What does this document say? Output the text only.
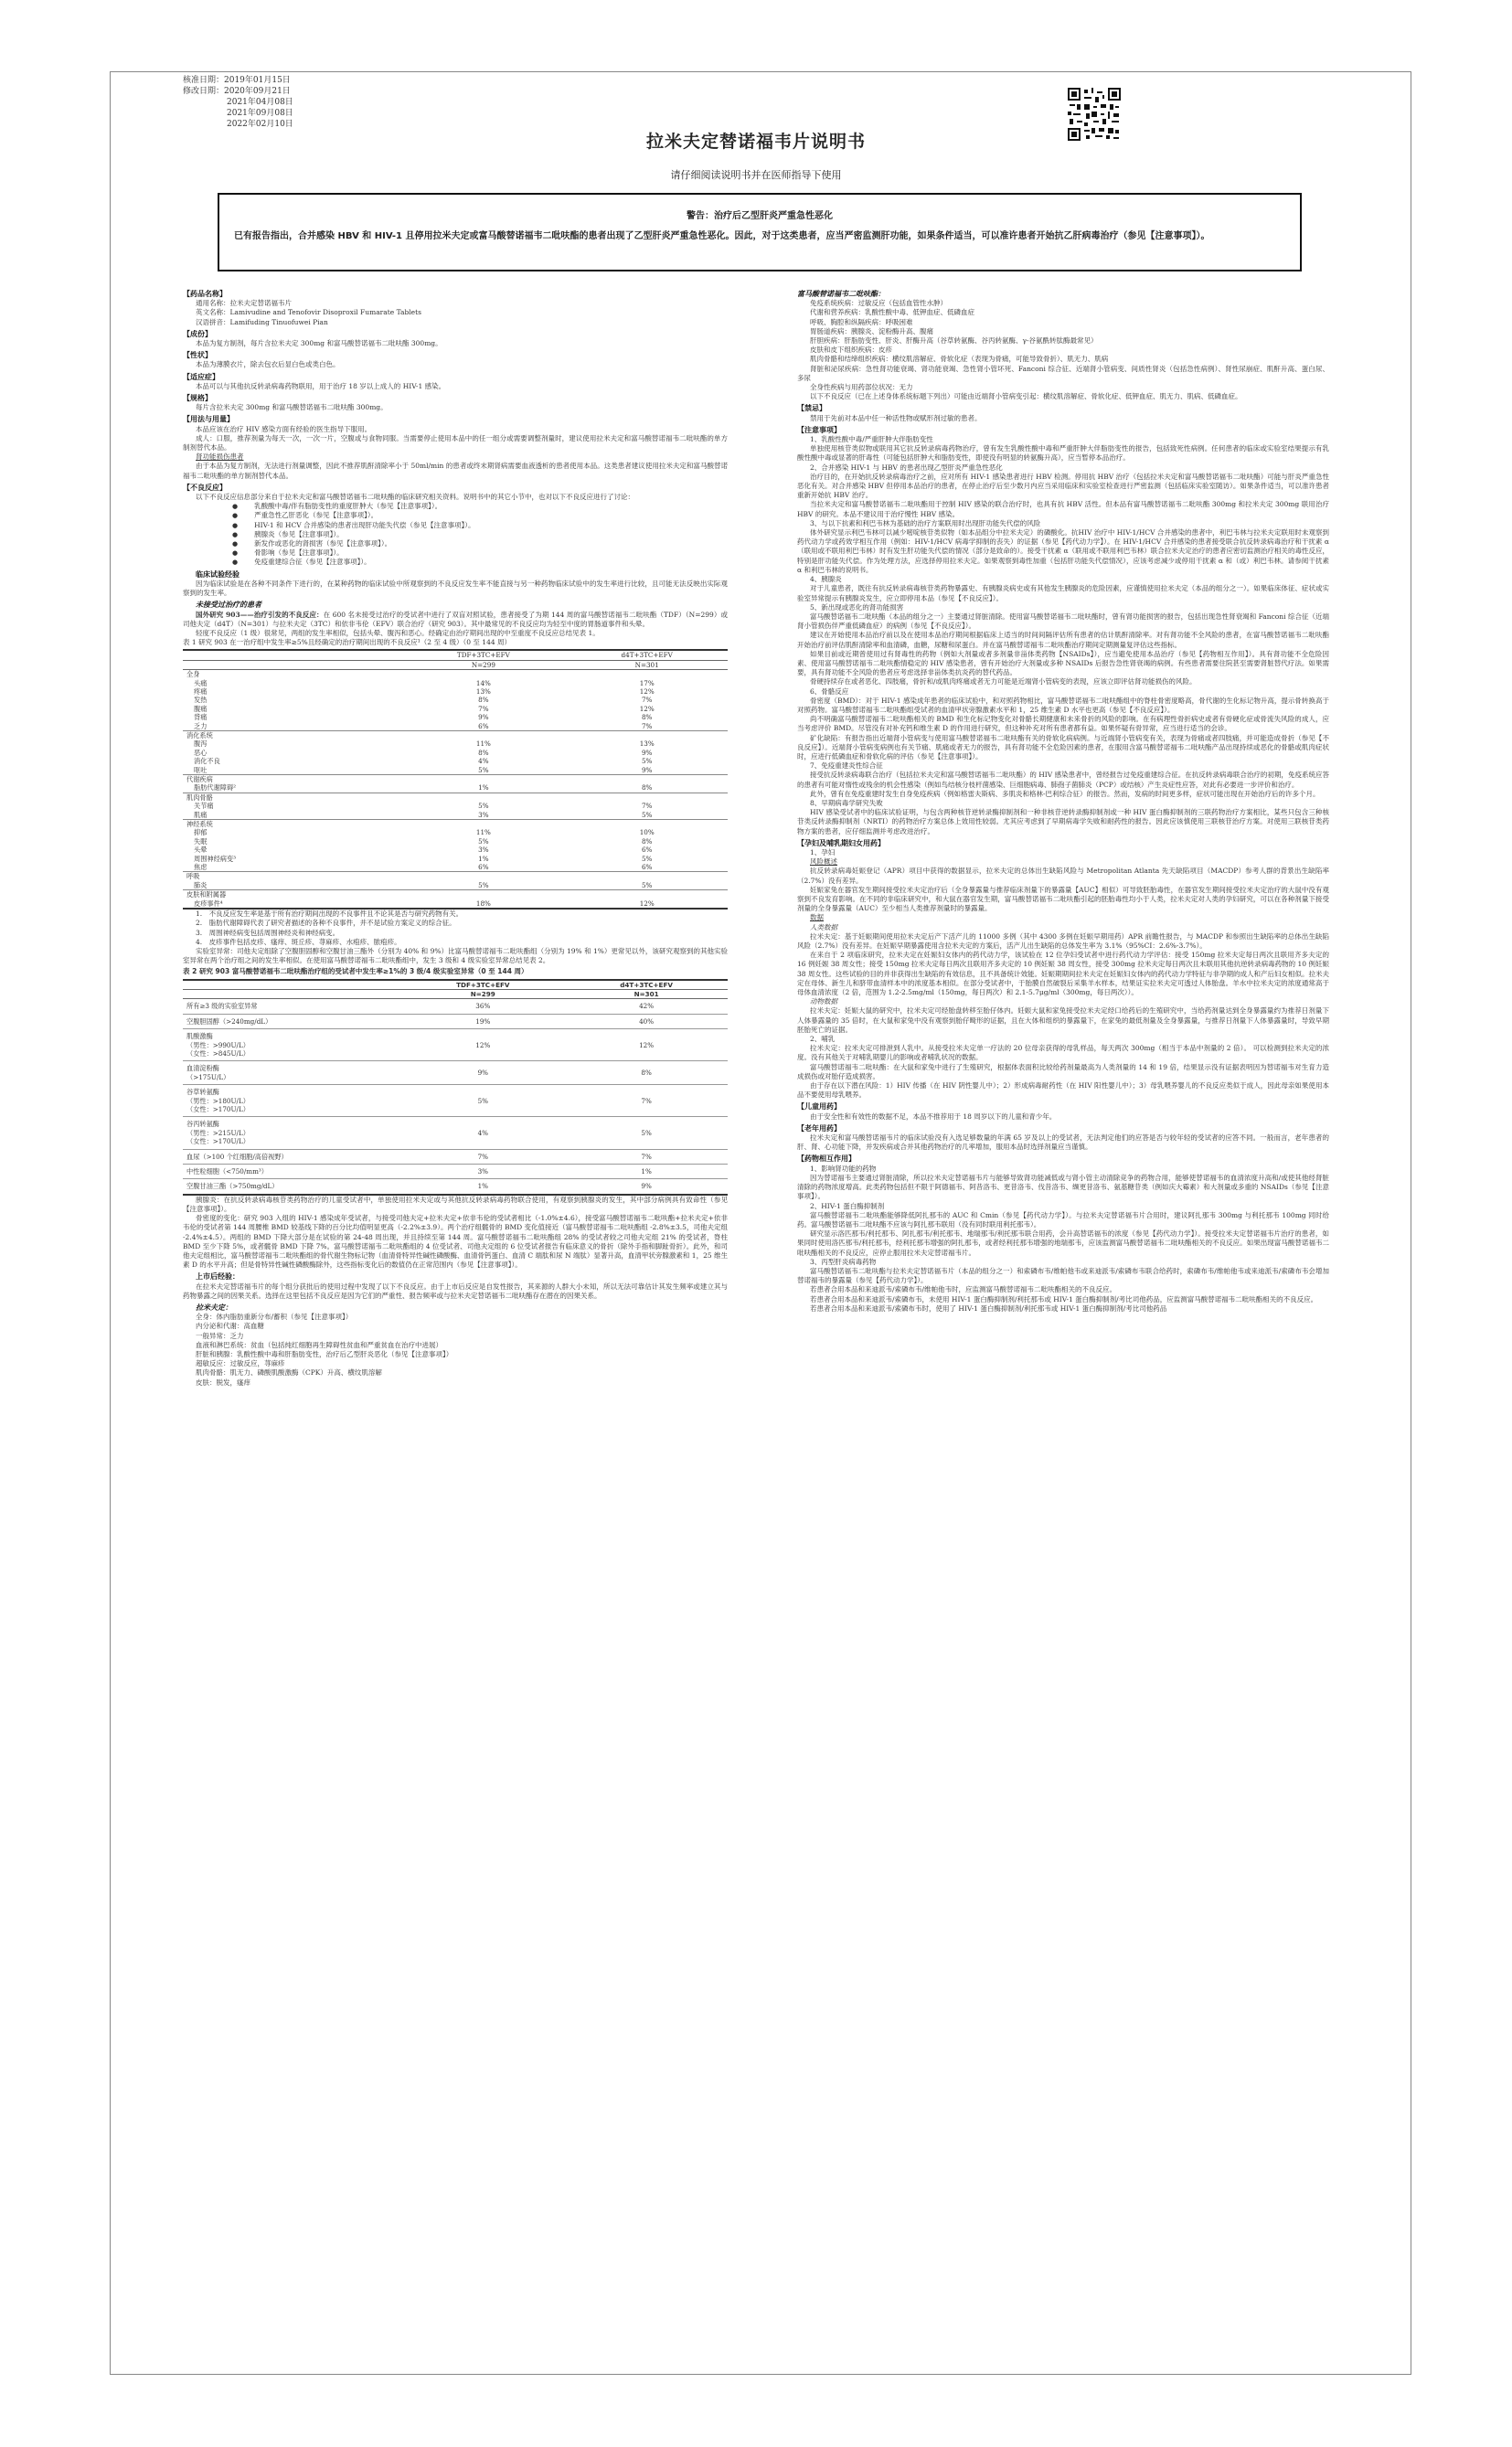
核准日期：2019年01月15日
修改日期：2020年09月21日
2021年04月08日
2021年09月08日
2022年02月10日
拉米夫定替诺福韦片说明书
请仔细阅读说明书并在医师指导下使用
警告：治疗后乙型肝炎严重急性恶化
已有报告指出，合并感染 HBV 和 HIV-1 且停用拉米夫定或富马酸替诺福韦二吡呋酯的患者出现了乙型肝炎严重急性恶化。因此，对于这类患者，应当严密监测肝功能，如果条件适当，可以准许患者开始抗乙肝病毒治疗（参见【注意事项】）。
【药品名称】
通用名称：拉米夫定替诺福韦片
英文名称：Lamivudine and Tenofovir Disoproxil Fumarate Tablets
汉语拼音：Lamifuding Tinuofuwei Pian
【成份】
本品为复方制剂，每片含拉米夫定 300mg 和富马酸替诺福韦二吡呋酯 300mg。
【性状】
本品为薄膜衣片，除去包衣后显白色或类白色。
【适应症】
本品可以与其他抗反转录病毒药物联用，用于治疗 18 岁以上成人的 HIV-1 感染。
【规格】
每片含拉米夫定 300mg 和富马酸替诺福韦二吡呋酯 300mg。
【用法与用量】
本品应该在治疗 HIV 感染方面有经验的医生指导下服用。
成人：口服，推荐剂量为每天一次，一次一片，空腹或与食物同服。当需要停止使用本品中的任一组分或需要调整剂量时，建议使用拉米夫定和富马酸替诺福韦二吡呋酯的单方制剂替代本品。
肾功能损伤患者
由于本品为复方制剂，无法进行剂量调整，因此不推荐肌酐清除率小于 50ml/min 的患者或终末期肾病需要血液透析的患者使用本品。这类患者建议使用拉米夫定和富马酸替诺福韦二吡呋酯的单方制剂替代本品。
【不良反应】
以下不良反应信息部分来自于拉米夫定和富马酸替诺福韦二吡呋酯的临床研究相关资料。说明书中的其它小节中，也对以下不良反应进行了讨论：
● 乳酸酸中毒/伴有脂肪变性的重度肝肿大（参见【注意事项】）。
● 严重急性乙肝恶化（参见【注意事项】）。
● HIV-1 和 HCV 合并感染的患者出现肝功能失代偿（参见【注意事项】）。
● 胰腺炎（参见【注意事项】）。
● 新发作或恶化的肾损害（参见【注意事项】）。
● 骨影响（参见【注意事项】）。
● 免疫重建综合征（参见【注意事项】）。
临床试验经验
因为临床试验是在各种不同条件下进行的，在某种药物的临床试验中所观察到的不良反应发生率不能直接与另一种药物临床试验中的发生率进行比较，且可能无法反映出实际观察到的发生率。
未接受过治疗的患者
国外研究 903——治疗引发的不良反应：在 600 名未接受过治疗的受试者中进行了双盲对照试验，患者接受了为期 144 周的富马酸替诺福韦二吡呋酯（TDF）（N=299）或司他夫定（d4T）（N=301）与拉米夫定（3TC）和依非韦伦（EFV）联合治疗（研究 903）。其中最常见的不良反应均为轻至中度的胃肠道事件和头晕。
轻度不良反应（1 级）很常见，两组的发生率相似，包括头晕、腹泻和恶心。经确定由治疗期间出现的中至重度不良反应总结见表 1。
表 1 研究 903 在一治疗组中发生率≥5%且经确定的治疗期间出现的不良反应¹（2 至 4 级）（0 至 144 周）
	TDF+3TC+EFV	d4T+3TC+EFV
	N=299	N=301
全身		
头痛	14%	17%
疼痛	13%	12%
发热	8%	7%
腹痛	7%	12%
背痛	9%	8%
乏力	6%	7%
消化系统		
腹泻	11%	13%
恶心	8%	9%
消化不良	4%	5%
呕吐	5%	9%
代谢疾病		
脂肪代谢障碍²	1%	8%
肌肉骨骼		
关节痛	5%	7%
肌痛	3%	5%
神经系统		
抑郁	11%	10%
失眠	5%	8%
头晕	3%	6%
周围神经病变³	1%	5%
焦虑	6%	6%
呼吸		
肺炎	5%	5%
皮肤和附属器		
皮疹事件⁴	18%	12%
1.　不良反应发生率是基于所有治疗期间出现的不良事件且不论其是否与研究药物有关。
2.　脂肪代谢障碍代表了研究者描述的各种不良事件，并不是试验方案定义的综合征。
3.　周围神经病变包括周围神经炎和神经病变。
4.　皮疹事件包括皮疹、瘙痒、斑丘疹、荨麻疹、水疱疹、脓疱疹。
实验室异常：司他夫定组除了空腹胆固醇和空腹甘油三酯外（分别为 40% 和 9%）比富马酸替诺福韦二吡呋酯组（分别为 19% 和 1%）更常见以外，该研究观察到的其他实验室异常在两个治疗组之间的发生率相似。在使用富马酸替诺福韦二吡呋酯组中，发生 3 级和 4 级实验室异常总结见表 2。
表 2 研究 903 富马酸替诺福韦二吡呋酯治疗组的受试者中发生率≥1%的 3 级/4 级实验室异常（0 至 144 周）
	TDF+3TC+EFV	d4T+3TC+EFV
	N=299	N=301
所有≥3 级的实验室异常	36%	42%
空腹胆固醇（>240mg/dL）	19%	40%
肌酸激酶
（男性：>990U/L）
（女性：>845U/L）	12%	12%
血清淀粉酶
（>175U/L）	9%	8%
谷草转氨酶
（男性：>180U/L）
（女性：>170U/L）	5%	7%
谷丙转氨酶
（男性：>215U/L）
（女性：>170U/L）	4%	5%
血尿（>100 个红细胞/高倍视野）	7%	7%
中性粒细胞（<750/mm³）	3%	1%
空腹甘油三酯（>750mg/dL）	1%	9%
胰腺炎：在抗反转录病毒核苷类药物治疗的儿童受试者中，单独使用拉米夫定或与其他抗反转录病毒药物联合使用，有观察到胰腺炎的发生，其中部分病例具有致命性（参见【注意事项】）。
骨密度的变化：研究 903 入组的 HIV-1 感染成年受试者，与接受司他夫定+拉米夫定+依非韦伦的受试者相比（-1.0%±4.6），接受富马酸替诺福韦二吡呋酯+拉米夫定+依非韦伦的受试者第 144 周腰椎 BMD 较基线下降的百分比均值明显更高（-2.2%±3.9）。两个治疗组髋骨的 BMD 变化值接近（富马酸替诺福韦二吡呋酯组 -2.8%±3.5，司他夫定组 -2.4%±4.5）。两组的 BMD 下降大部分是在试验的第 24-48 周出现，并且持续至第 144 周。富马酸替诺福韦二吡呋酯组 28% 的受试者较之司他夫定组 21% 的受试者，脊柱 BMD 至少下降 5%，或者髋骨 BMD 下降 7%。富马酸替诺福韦二吡呋酯组的 4 位受试者、司他夫定组的 6 位受试者报告有临床意义的骨折（除外手指和脚趾骨折）。此外，和司他夫定组相比，富马酸替诺福韦二吡呋酯组的骨代谢生物标记物（血清骨特异性碱性磷酸酶、血清骨钙蛋白、血清 C 端肽和尿 N 端肽）显著升高，血清甲状旁腺激素和 1，25 维生素 D 的水平升高；但是骨特异性碱性磷酸酶除外，这些指标变化后的数值仍在正常范围内（参见【注意事项】）。
上市后经验：
在拉米夫定替诺福韦片的每个组分获批后的使用过程中发现了以下不良反应。由于上市后反应是自发性报告，其来源的人群大小未知，所以无法可靠估计其发生频率或建立其与药物暴露之间的因果关系。选择在这里包括不良反应是因为它们的严重性、报告频率或与拉米夫定替诺福韦二吡呋酯存在潜在的因果关系。
拉米夫定：
全身：体内脂肪重新分布/蓄积（参见【注意事项】）
内分泌和代谢：高血糖
一般异常：乏力
血液和淋巴系统：贫血（包括纯红细胞再生障碍性贫血和严重贫血在治疗中进展）
肝脏和胰腺：乳酸性酸中毒和肝脂肪变性，治疗后乙型肝炎恶化（参见【注意事项】）
超敏反应：过敏反应，荨麻疹
肌肉骨骼：肌无力、磷酸肌酸激酶（CPK）升高、横纹肌溶解
皮肤：脱发，瘙痒
富马酸替诺福韦二吡呋酯：
免疫系统疾病：过敏反应（包括血管性水肿）
代谢和营养疾病：乳酸性酸中毒、低钾血症、低磷血症
呼吸、胸腔和纵隔疾病：呼吸困难
胃肠道疾病：胰腺炎、淀粉酶升高、腹痛
肝胆疾病：肝脂肪变性、肝炎、肝酶升高（谷草转氨酶、谷丙转氨酶、γ-谷氨酰转肽酶最常见）
皮肤和皮下组织疾病：皮疹
肌肉骨骼和结缔组织疾病：横纹肌溶解症、骨软化症（表现为骨痛，可能导致骨折）、肌无力、肌病
肾脏和泌尿疾病：急性肾功能衰竭、肾功能衰竭、急性肾小管坏死、Fanconi 综合征、近端肾小管病变、间质性肾炎（包括急性病例）、肾性尿崩症、肌酐升高、蛋白尿、多尿
全身性疾病与用药部位状况：无力
以下不良反应（已在上述身体系统标题下列出）可能由近端肾小管病变引起：横纹肌溶解症、骨软化症、低钾血症、肌无力、肌病、低磷血症。
【禁忌】
禁用于先前对本品中任一种活性物或赋形剂过敏的患者。
【注意事项】
1、乳酸性酸中毒/严重肝肿大伴脂肪变性
单独使用核苷类似物或联用其它抗反转录病毒药物治疗，曾有发生乳酸性酸中毒和严重肝肿大伴脂肪变性的报告，包括致死性病例。任何患者的临床或实验室结果提示有乳酸性酸中毒或显著的肝毒性（可能包括肝肿大和脂肪变性，即使没有明显的转氨酶升高），应当暂停本品治疗。
2、合并感染 HIV-1 与 HBV 的患者出现乙型肝炎严重急性恶化
治疗目的，在开始抗反转录病毒治疗之前，应对所有 HIV-1 感染患者进行 HBV 检测。停用抗 HBV 治疗（包括拉米夫定和富马酸替诺福韦二吡呋酯）可能与肝炎严重急性恶化有关。对合并感染 HBV 但停用本品治疗的患者，在停止治疗后至少数月内应当采用临床和实验室检查进行严密监测（包括临床实验室随访）。如果条件适当，可以准许患者重新开始抗 HBV 治疗。
当拉米夫定和富马酸替诺福韦二吡呋酯用于控制 HIV 感染的联合治疗时，也具有抗 HBV 活性。但本品有富马酸替诺福韦二吡呋酯 300mg 和拉米夫定 300mg 联用治疗 HBV 的研究。本品不建议用于治疗慢性 HBV 感染。
3、与以下抗素和利巴韦林为基础的治疗方案联用时出现肝功能失代偿的风险
体外研究显示利巴韦林可以减少嘧啶核苷类似物（如本品组分中拉米夫定）的磷酸化。抗HIV 治疗中 HIV-1/HCV 合并感染的患者中，利巴韦林与拉米夫定联用时未观察到药代动力学或药效学相互作用（例如：HIV-1/HCV 病毒学抑制的丧失）的证据（参见【药代动力学】）。在 HIV-1/HCV 合并感染的患者接受联合抗反转录病毒治疗和干扰素 α（联用或不联用利巴韦林）时有发生肝功能失代偿的情况（部分是致命的）。接受干扰素 α（联用或不联用利巴韦林）联合拉米夫定治疗的患者应密切监测治疗相关的毒性反应，特别是肝功能失代偿。作为处理方法，应选择停用拉米夫定。如果观察到毒性加重（包括肝功能失代偿情况），应该考虑减少或停用干扰素 α 和（或）利巴韦林。请参阅干扰素 α 和利巴韦林的说明书。
4、胰腺炎
对于儿童患者，既往有抗反转录病毒核苷类药物暴露史、有胰腺炎病史或有其他发生胰腺炎的危险因素，应谨慎使用拉米夫定（本品的组分之一）。如果临床体征、症状或实验室异常提示有胰腺炎发生，应立即停用本品（参见【不良反应】）。
5、新出现或恶化的肾功能损害
富马酸替诺福韦二吡呋酯（本品的组分之一）主要通过肾脏清除。使用富马酸替诺福韦二吡呋酯时，曾有肾功能损害的报告，包括出现急性肾衰竭和 Fanconi 综合征（近端肾小管损伤伴严重低磷血症）的病例（参见【不良反应】）。
建议在开始使用本品治疗前以及在使用本品治疗期间根据临床上适当的时间间隔评估所有患者的估计肌酐清除率。对有肾功能不全风险的患者，在富马酸替诺福韦二吡呋酯开始治疗前评估肌酐清除率和血清磷，血糖，尿糖和尿蛋白。并在富马酸替诺福韦二吡呋酯治疗期间定期测量复评估这些指标。
如果目前或近期曾使用过有肾毒性的药物（例如大剂量或者多剂量非甾体类药物【NSAIDs】），应当避免使用本品治疗（参见【药物相互作用】）。具有肾功能不全危险因素、使用富马酸替诺福韦二吡呋酯情稳定的 HIV 感染患者，曾有开始治疗大剂量或多种 NSAIDs 后报告急性肾衰竭的病例。有些患者需要住院甚至需要肾脏替代疗法。如果需要，具有肾功能不全风险的患者应考虑选择非甾体类抗炎药的替代药品。
骨硬持续存在或者恶化、四肢痛，骨折和/或肌肉疼痛或者无力可能是近端肾小管病变的表现，应该立即评估肾功能损伤的风险。
6、骨骼反应
骨密度（BMD）：对于 HIV-1 感染成年患者的临床试验中，和对照药物相比，富马酸替诺福韦二吡呋酯组中的脊柱骨密度略高，骨代谢的生化标记物升高，提示骨转换高于对照药物。富马酸替诺福韦二吡呋酯组受试者的血清甲状旁腺激素水平和 1，25 维生素 D 水平也更高（参见【不良反应】）。
尚不明确富马酸替诺福韦二吡呋酯相关的 BMD 和生化标记物变化对骨骼长期健康和未来骨折的风险的影响。在有病理性骨折病史或者有骨硬化症或骨流失风险的成人，应当考虑评价 BMD。尽管没有对补充钙和维生素 D 的作用进行研究，但这种补充对所有患者都有益。如果怀疑有骨异常，应当进行适当的会诊。
矿化缺陷：有报告指出近端肾小管病变与使用富马酸替诺福韦二吡呋酯有关的骨软化病病例。与近端肾小管病变有关，表现为骨痛或者四肢痛，并可能造成骨折（参见【不良反应】）。近端肾小管病变病例也有关节痛、肌痛或者无力的报告，具有肾功能不全危险因素的患者，在服用含富马酸替诺福韦二吡呋酯产品出现持续或恶化的骨骼或肌肉症状时，应进行低磷血症和骨软化病的评估（参见【注意事项】）。
7、免疫重建炎性综合征
接受抗反转录病毒联合治疗（包括拉米夫定和富马酸替诺福韦二吡呋酯）的 HIV 感染患者中，曾经报告过免疫重建综合征。在抗反转录病毒联合治疗的初期，免疫系统应答的患者有可能对惰性或残余的机会性感染（例如鸟结核分枝杆菌感染、巨细胞病毒、肺孢子菌肺炎（PCP）或结核）产生炎症性应答，对此有必要进一步评价和治疗。
此外，曾有在免疫重建时发生自身免疫疾病（例如格雷夫斯病、多肌炎和格林-巴利综合征）的报告。然而，发病的时间更多样，症状可能出现在开始治疗后的许多个月。
8、早期病毒学研究失败
HIV 感染受试者中的临床试验证明，与包含两种核苷逆转录酶抑制剂和一种非核苷逆转录酶抑制剂或一种 HIV 蛋白酶抑制剂的三联药物治疗方案相比，某些只包含三种核苷类反转录酶抑制剂（NRTI）的药物治疗方案总体上效用性较弱。尤其应考虑到了早期病毒学失败和耐药性的报告。因此应该慎使用三联核苷治疗方案。对使用三联核苷类药物方案的患者，应仔细监测并考虑改进治疗。
【孕妇及哺乳期妇女用药】
1、孕妇
风险概述
抗反转录病毒妊娠登记（APR）项目中获得的数据显示，拉米夫定的总体出生缺陷风险与 Metropolitan Atlanta 先天缺陷项目（MACDP）参考人群的背景出生缺陷率（2.7%）没有差异。
妊娠家兔在器官发生期间接受拉米夫定治疗后（全身暴露量与推荐临床剂量下的暴露量【AUC】相似）可导致胚胎毒性，在器官发生期间接受拉米夫定治疗的大鼠中没有观察到不良发育影响。在不同的非临床研究中，和大鼠在器官发生期，富马酸替诺福韦二吡呋酯引起的胚胎毒性均小于人类，拉米夫定对人类的孕妇研究，可以在各种剂量下接受剂量的全身暴露量（AUC）至少相当人类推荐剂量时的暴露量。
数据
人类数据
拉米夫定：基于妊娠期间使用拉米夫定后产下活产儿的 11000 多例（其中 4300 多例在妊娠早期用药）APR 前瞻性报告，与 MACDP 和参照出生缺陷率的总体出生缺陷风险（2.7%）没有差异。在妊娠早期暴露使用含拉米夫定的方案后，活产儿出生缺陷的总体发生率为 3.1%（95%CI：2.6%-3.7%）。
在来自于 2 项临床研究，拉米夫定在妊娠妇女体内的药代动力学，该试验在 12 位孕妇受试者中进行药代动力学评估：接受 150mg 拉米夫定每日两次且联用齐多夫定的 16 例妊娠 38 周女性；接受 150mg 拉米夫定每日两次且联用齐多夫定的 10 例妊娠 38 周女性，接受 300mg 拉米夫定每日两次且未联用其他抗逆转录病毒药物的 10 例妊娠 38 周女性。这些试验的目的并非获得出生缺陷的有效信息，且不具备统计效能。妊娠期期间拉米夫定在妊娠妇女体内的药代动力学特征与非孕期的成人和产后妇女相似。拉米夫定在母体、新生儿和脐带血清样本中的浓度基本相似。在部分受试者中，于胎膜自然破裂后采集羊水样本，结果证实拉米夫定可透过人体胎盘。羊水中拉米夫定的浓度通常高于母体血清浓度（2 倍，范围为 1.2-2.5mg/ml（150mg，每日两次）和 2.1-5.7μg/ml（300mg，每日两次））。
动物数据
拉米夫定：妊娠大鼠的研究中，拉米夫定可经胎盘转移至胎仔体内。妊娠大鼠和家兔接受拉米夫定经口给药后的生殖研究中，当给药剂量达到全身暴露量约为推荐日剂量下人体暴露量的 35 倍时，在大鼠和家兔中没有观察到胎仔畸形的证据，且在大体和组织的暴露量下，在家兔的最低剂量及全身暴露量，与推荐日剂量下人体暴露量时，导致早期胚胎死亡的证据。
2、哺乳
拉米夫定：拉米夫定可排泄到人乳中。从接受拉米夫定单一疗法的 20 位母亲获得的母乳样品，每天两次 300mg（相当于本品中剂量的 2 倍）。 可以检测到拉米夫定的浓度。没有其他关于对哺乳期婴儿的影响或者哺乳状况的数据。
富马酸替诺福韦二吡呋酯：在大鼠和家兔中进行了生殖研究，根据体表面积比较给药剂量最高为人类剂量的 14 和 19 倍，结果显示没有证据表明因为替诺福韦对生育力造成损伤或对胎仔造成损害。
由于存在以下潜在风险：1）HIV 传播（在 HIV 阴性婴儿中）；2）形成病毒耐药性（在 HIV 阳性婴儿中）；3）母乳喂养婴儿的不良反应类似于成人，因此母亲如果使用本品不要使用母乳喂养。
【儿童用药】
由于安全性和有效性的数据不足，本品不推荐用于 18 周岁以下的儿童和青少年。
【老年用药】
拉米夫定和富马酸替诺福韦片的临床试验没有入选足够数量的年满 65 岁及以上的受试者，无法判定他们的应答是否与较年轻的受试者的应答不同。一般而言，老年患者的肝、肾、心功能下降，并发疾病或合并其他药物治疗的几率增加，服用本品时选择剂量应当谨慎。
【药物相互作用】
1、影响肾功能的药物
因为替诺福韦主要通过肾脏清除，所以拉米夫定替诺福韦片与能够导致肾功能减低或与肾小管主动清除竞争的药物合用，能够使替诺福韦的血清浓度升高和/或使其他经肾脏清除的药物浓度增高。此类药物包括但不限于阿德福韦、阿昔洛韦、更昔洛韦、伐昔洛韦、缬更昔洛韦、氨基糖苷类（例如庆大霉素）和大剂量或多重的 NSAIDs（参见【注意事项】）。
2、HIV-1 蛋白酶抑制剂
富马酸替诺福韦二吡呋酯能够降低阿扎那韦的 AUC 和 Cmin（参见【药代动力学】）。与拉米夫定替诺福韦片合用时，建议阿扎那韦 300mg 与利托那韦 100mg 同时给药。富马酸替诺福韦二吡呋酯不应该与阿扎那韦联用（没有同时联用利托那韦）。
研究显示洛匹那韦/利托那韦、阿扎那韦/利托那韦、地瑞那韦/利托那韦联合用药，会升高替诺福韦的浓度（参见【药代动力学】）。接受拉米夫定替诺福韦片治疗的患者，如果同时使用洛匹那韦/利托那韦，经利托那韦增强的阿扎那韦，或者经利托那韦增强的地瑞那韦，应该监测富马酸替诺福韦二吡呋酯相关的不良反应。如果出现富马酸替诺福韦二吡呋酯相关的不良反应，应停止服用拉米夫定替诺福韦片。
3、丙型肝炎病毒药物
富马酸替诺福韦二吡呋酯与拉米夫定替诺福韦片（本品的组分之一）和索磷布韦/维帕他韦或来迪派韦/索磷布韦联合给药时，索磷布韦/维帕他韦或来迪派韦/索磷布韦会增加替诺福韦的暴露量（参见【药代动力学】）。
若患者合用本品和来迪派韦/索磷布韦/维帕他韦时，应监测富马酸替诺福韦二吡呋酯相关的不良反应。
若患者合用本品和来迪派韦/索磷布韦，未使用 HIV-1 蛋白酶抑制剂/利托那韦或 HIV-1 蛋白酶抑制剂/考比司他药品，应监测富马酸替诺福韦二吡呋酯相关的不良反应。
若患者合用本品和来迪派韦/索磷布韦时，使用了 HIV-1 蛋白酶抑制剂/利托那韦或 HIV-1 蛋白酶抑制剂/考比司他药品
